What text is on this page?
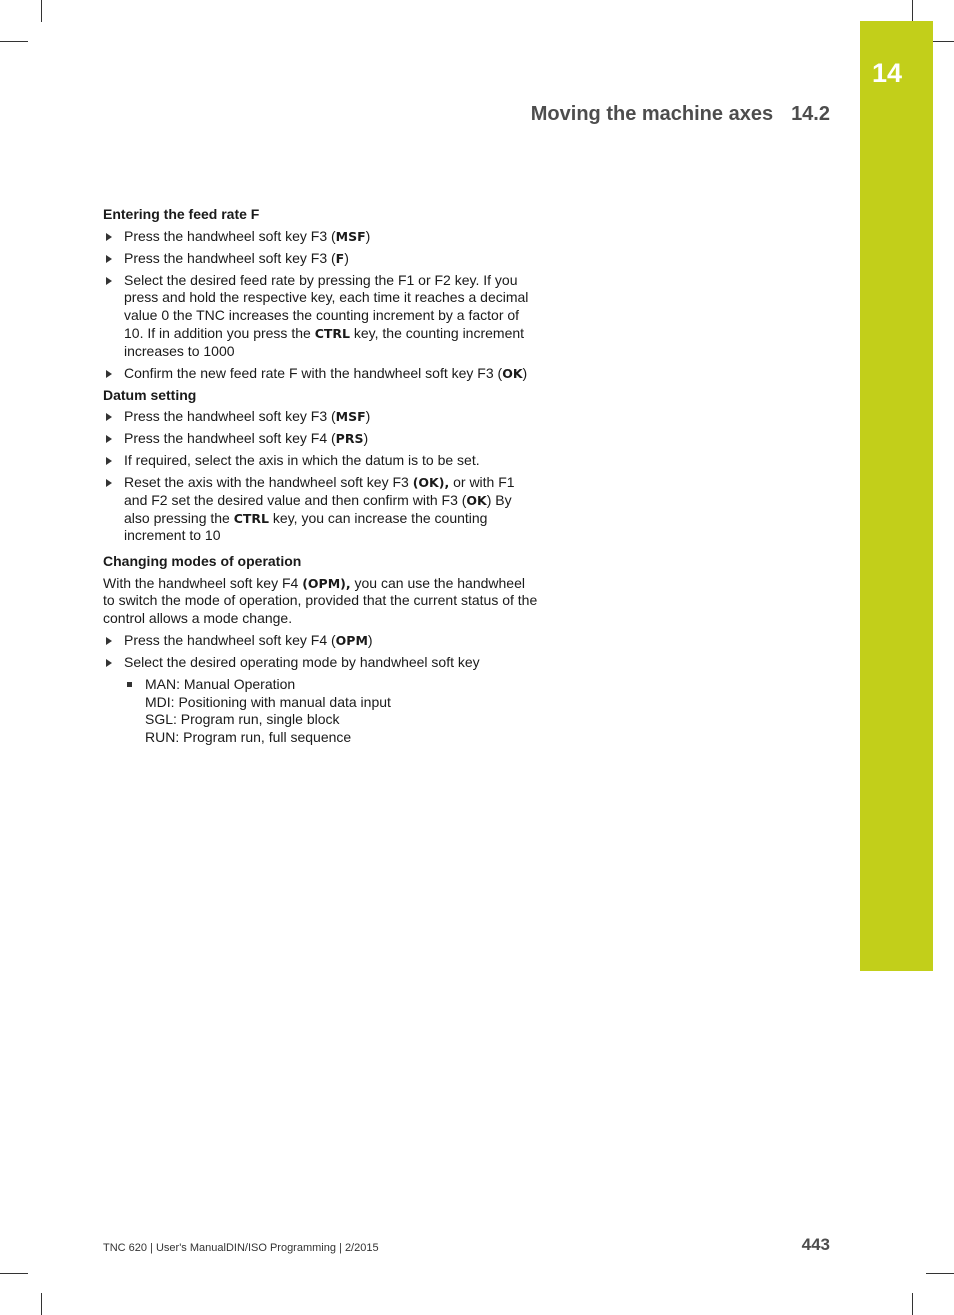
14
Moving the machine axes 14.2
Entering the feed rate F
Press the handwheel soft key F3 (MSF)
Press the handwheel soft key F3 (F)
Select the desired feed rate by pressing the F1 or F2 key. If you press and hold the respective key, each time it reaches a decimal value 0 the TNC increases the counting increment by a factor of 10. If in addition you press the CTRL key, the counting increment increases to 1000
Confirm the new feed rate F with the handwheel soft key F3 (OK)
Datum setting
Press the handwheel soft key F3 (MSF)
Press the handwheel soft key F4 (PRS)
If required, select the axis in which the datum is to be set.
Reset the axis with the handwheel soft key F3 (OK), or with F1 and F2 set the desired value and then confirm with F3 (OK) By also pressing the CTRL key, you can increase the counting increment to 10
Changing modes of operation
With the handwheel soft key F4 (OPM), you can use the handwheel to switch the mode of operation, provided that the current status of the control allows a mode change.
Press the handwheel soft key F4 (OPM)
Select the desired operating mode by handwheel soft key
MAN: Manual Operation
MDI: Positioning with manual data input
SGL: Program run, single block
RUN: Program run, full sequence
TNC 620 | User's ManualDIN/ISO Programming | 2/2015	443
